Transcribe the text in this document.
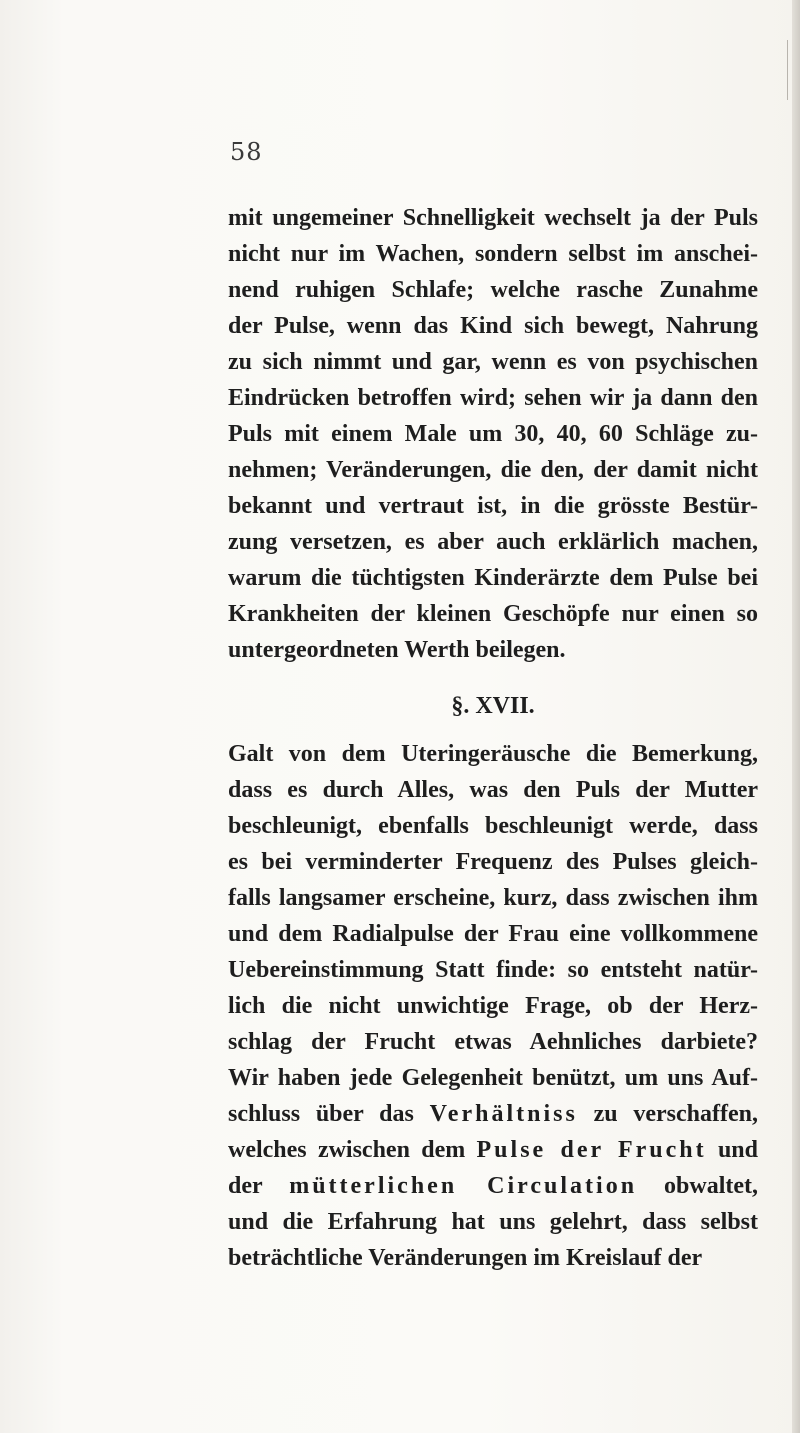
58
mit ungemeiner Schnelligkeit wechselt ja der Puls
nicht nur im Wachen, sondern selbst im anschei-
nend ruhigen Schlafe; welche rasche Zunahme
der Pulse, wenn das Kind sich bewegt, Nahrung
zu sich nimmt und gar, wenn es von psychischen
Eindrücken betroffen wird; sehen wir ja dann den
Puls mit einem Male um 30, 40, 60 Schläge zu-
nehmen; Veränderungen, die den, der damit nicht
bekannt und vertraut ist, in die grösste Bestür-
zung versetzen, es aber auch erklärlich machen,
warum die tüchtigsten Kinderärzte dem Pulse bei
Krankheiten der kleinen Geschöpfe nur einen so
untergeordneten Werth beilegen.
§. XVII.
Galt von dem Uteringeräusche die Bemerkung,
dass es durch Alles, was den Puls der Mutter
beschleunigt, ebenfalls beschleunigt werde, dass
es bei verminderter Frequenz des Pulses gleich-
falls langsamer erscheine, kurz, dass zwischen ihm
und dem Radialpulse der Frau eine vollkommene
Uebereinstimmung Statt finde: so entsteht natür-
lich die nicht unwichtige Frage, ob der Herz-
schlag der Frucht etwas Aehnliches darbiete?
Wir haben jede Gelegenheit benützt, um uns Auf-
schluss über das Verhältniss zu verschaffen,
welches zwischen dem Pulse der Frucht und
der mütterlichen Circulation obwaltet,
und die Erfahrung hat uns gelehrt, dass selbst
beträchtliche Veränderungen im Kreislauf der
